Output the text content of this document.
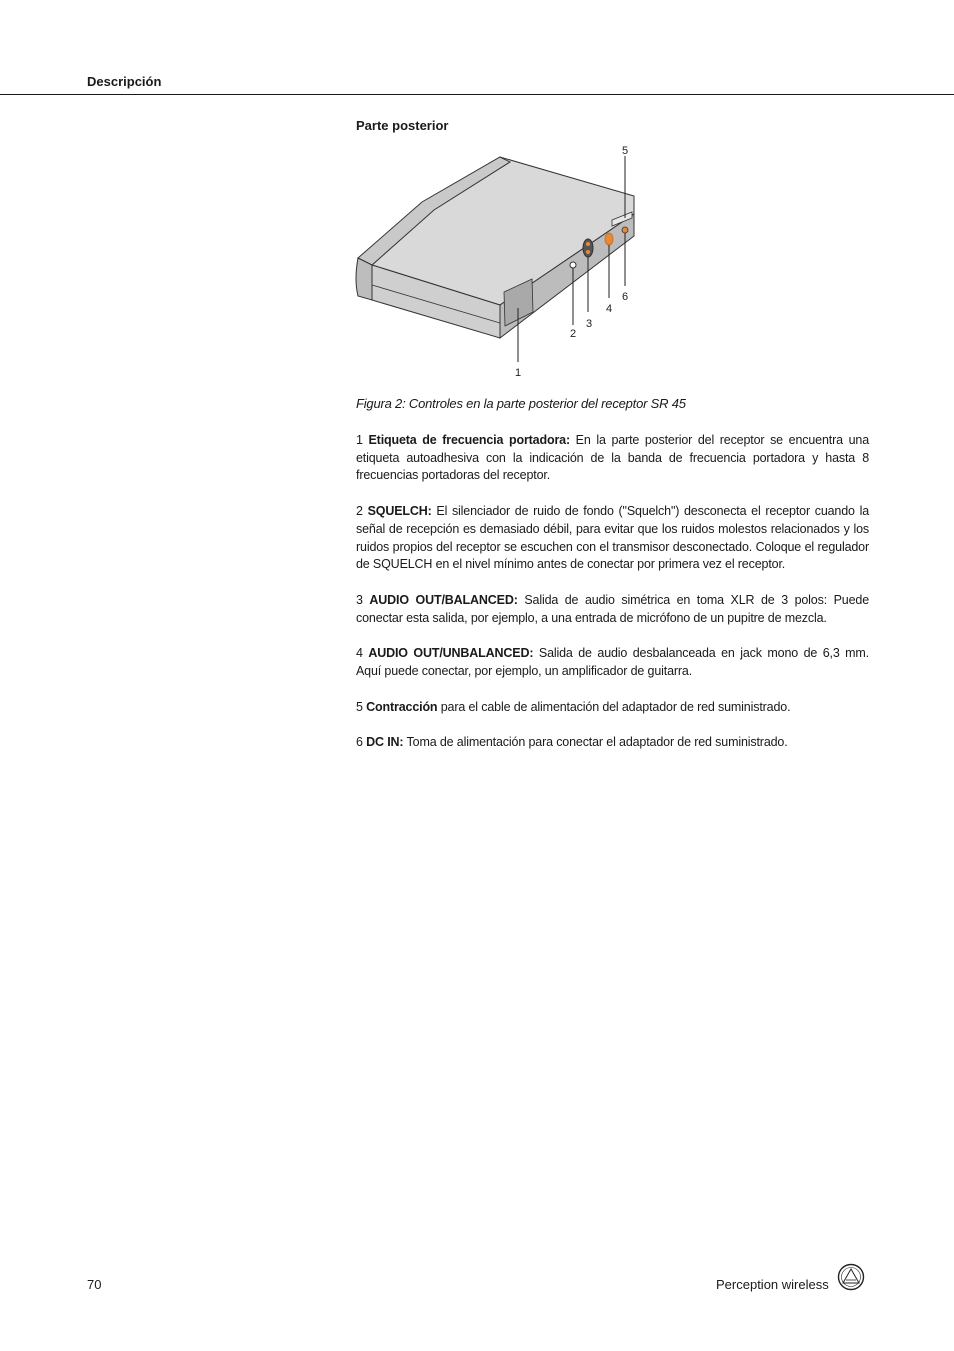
Descripción
Parte posterior
1
2
3
4
5
6
Figura 2: Controles en la parte posterior del receptor SR 45

1 Etiqueta de frecuencia portadora: En la parte posterior del receptor se encuentra una etiqueta autoadhesiva con la indicación de la banda de frecuencia portadora y hasta 8 frecuencias portadoras del receptor.

2 SQUELCH: El silenciador de ruido de fondo ("Squelch") desconecta el receptor cuando la señal de recepción es demasiado débil, para evitar que los ruidos molestos relacionados y los ruidos propios del receptor se escuchen con el transmisor desconectado. Coloque el regulador de SQUELCH en el nivel mínimo antes de conectar por primera vez el receptor.

3 AUDIO OUT/BALANCED: Salida de audio simétrica en toma XLR de 3 polos: Puede conectar esta salida, por ejemplo, a una entrada de micrófono de un pupitre de mezcla.

4 AUDIO OUT/UNBALANCED: Salida de audio desbalanceada en jack mono de 6,3 mm. Aquí puede conectar, por ejemplo, un amplificador de guitarra.

5 Contracción para el cable de alimentación del adaptador de red suministrado.

6 DC IN: Toma de alimentación para conectar el adaptador de red suministrado.

70	Perception wireless
